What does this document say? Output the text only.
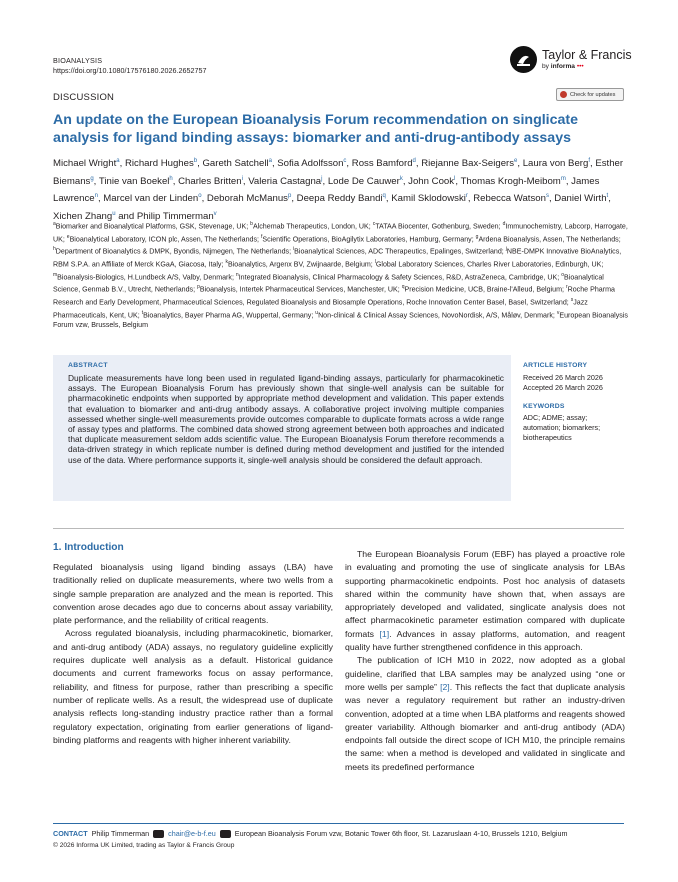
BIOANALYSIS
https://doi.org/10.1080/17576180.2026.2652757
Taylor & Francis
by informa •••
DISCUSSION	Check for updates
An update on the European Bioanalysis Forum recommendation on singlicate analysis for ligand binding assays: biomarker and anti-drug-antibody assays

Michael Wright$^a$, Richard Hughes$^b$, Gareth Satchell$^a$, Sofia Adolfsson$^c$, Ross Bamford$^d$, Riejanne Bax-Seigers$^e$, Laura von Berg$^f$, Esther Biemans$^g$, Tinie van Boekel$^h$, Charles Britten$^i$, Valeria Castagna$^j$, Lode De Cauwer$^k$, John Cook$^l$, Thomas Krogh-Meibom$^m$, James Lawrence$^n$, Marcel van der Linden$^o$, Deborah McManus$^p$, Deepa Reddy Bandi$^q$, Kamil Sklodowski$^r$, Rebecca Watson$^s$, Daniel Wirth$^t$, Xichen Zhang$^u$ and Philip Timmerman$^v$

$^a$Biomarker and Bioanalytical Platforms, GSK, Stevenage, UK; $^b$Alchemab Therapeutics, London, UK; $^c$TATAA Biocenter, Gothenburg, Sweden; $^d$Immunochemistry, Labcorp, Harrogate, UK; $^e$Bioanalytical Laboratory, ICON plc, Assen, The Netherlands; $^f$Scientific Operations, BioAgilytix Laboratories, Hamburg, Germany; $^g$Ardena Bioanalysis, Assen, The Netherlands; $^h$Department of Bioanalytics & DMPK, Byondis, Nijmegen, The Netherlands; $^i$Bioanalytical Sciences, ADC Therapeutics, Epalinges, Switzerland; $^j$NBE-DMPK Innovative BioAnalytics, RBM S.P.A. an Affiliate of Merck KGaA, Giacosa, Italy; $^k$Bioanalytics, Argenx BV, Zwijnaarde, Belgium; $^l$Global Laboratory Sciences, Charles River Laboratories, Edinburgh, UK; $^m$Bioanalysis-Biologics, H.Lundbeck A/S, Valby, Denmark; $^n$Integrated Bioanalysis, Clinical Pharmacology & Safety Sciences, R&D, AstraZeneca, Cambridge, UK; $^o$Bioanalytical Science, Genmab B.V., Utrecht, Netherlands; $^p$Bioanalysis, Intertek Pharmaceutical Services, Manchester, UK; $^q$Precision Medicine, UCB, Braine-l'Alleud, Belgium; $^r$Roche Pharma Research and Early Development, Pharmaceutical Sciences, Regulated Bioanalysis and Biosample Operations, Roche Innovation Center Basel, Basel, Switzerland; $^s$Jazz Pharmaceuticals, Kent, UK; $^t$Bioanalytics, Bayer Pharma AG, Wuppertal, Germany; $^u$Non-clinical & Clinical Assay Sciences, NovoNordisk, A/S, Måløv, Denmark; $^v$European Bioanalysis Forum vzw, Brussels, Belgium

ABSTRACT

Duplicate measurements have long been used in regulated ligand-binding assays, particularly for pharmacokinetic assays. The European Bioanalysis Forum has previously shown that single-well analysis can be suitable for pharmacokinetic endpoints when supported by appropriate method development and validation. This paper extends that evaluation to biomarker and anti-drug antibody assays. A collaborative project involving multiple companies assessed whether single-well measurements provide outcomes comparable to duplicate formats across a wide range of assay types and platforms. The combined data showed strong agreement between both approaches and indicated that duplicate measurement seldom adds scientific value. The European Bioanalysis Forum therefore recommends a data-driven strategy in which replicate number is defined during method development and justified for the intended use of the data. Where performance supports it, single-well analysis should be considered the default approach.

ARTICLE HISTORY
Received 26 March 2026
Accepted 26 March 2026
KEYWORDS
ADC; ADME; assay; automation; biomarkers; biotherapeutics
1. Introduction

Regulated bioanalysis using ligand binding assays (LBA) have traditionally relied on duplicate measurements, where two wells from a single sample preparation are analyzed and the mean is reported. This convention arose decades ago due to concerns about assay variability, plate performance, and the reliability of critical reagents.

Across regulated bioanalysis, including pharmacokinetic, biomarker, and anti-drug antibody (ADA) assays, no regulatory guideline explicitly requires duplicate well analysis as a default. Historical guidance documents and current frameworks focus on assay performance, reliability, and fitness for purpose, rather than prescribing a specific number of replicate wells. As a result, the widespread use of duplicate analysis reflects long-standing industry practice rather than a formal regulatory expectation, originating from earlier generations of ligand-binding platforms and reagents with higher inherent variability.

The European Bioanalysis Forum (EBF) has played a proactive role in evaluating and promoting the use of singlicate analysis for LBAs supporting pharmacokinetic endpoints. Post hoc analysis of datasets shared within the community have shown that, when assays are appropriately developed and validated, singlicate analysis does not affect pharmacokinetic parameter estimation compared with duplicate formats [1]. Advances in assay platforms, automation, and reagent quality have further strengthened confidence in this approach.

The publication of ICH M10 in 2022, now adopted as a global guideline, clarified that LBA samples may be analyzed using “one or more wells per sample” [2]. This reflects the fact that duplicate analysis was never a regulatory requirement but rather an industry-driven convention, adopted at a time when LBA platforms and reagents showed greater variability. Although biomarker and anti-drug antibody (ADA) endpoints fall outside the direct scope of ICH M10, the principle remains the same: when a method is developed and validated in singlicate and meets its predefined performance

CONTACT Philip Timmerman	chair@e-b-f.eu	European Bioanalysis Forum vzw, Botanic Tower 6th floor, St. Lazaruslaan 4-10, Brussels 1210, Belgium
© 2026 Informa UK Limited, trading as Taylor & Francis Group
